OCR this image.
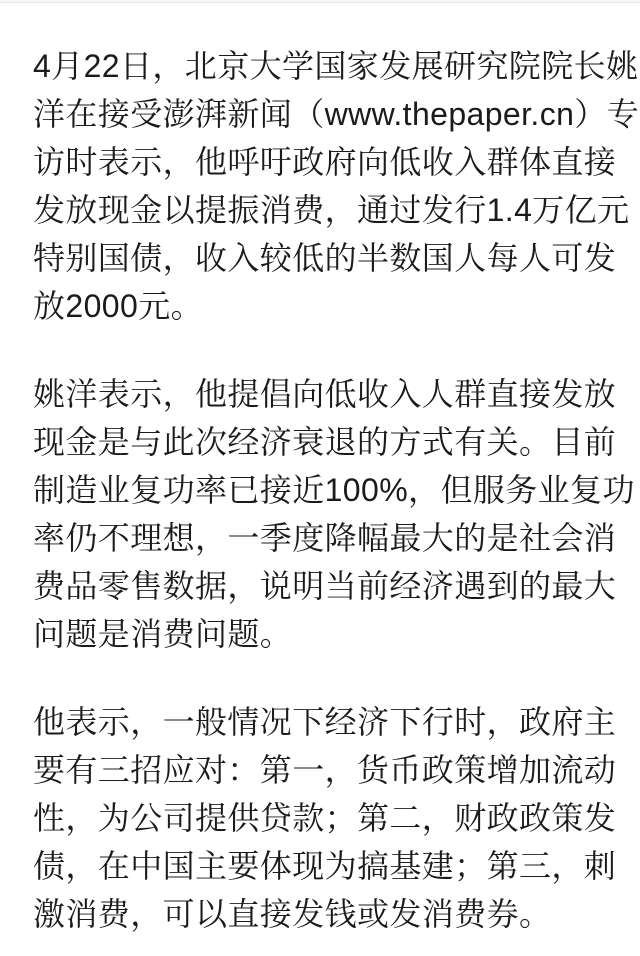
4月22日，北京大学国家发展研究院院长姚
洋在接受澎湃新闻（www.thepaper.cn）专
访时表示，他呼吁政府向低收入群体直接
发放现金以提振消费，通过发行1.4万亿元
特别国债，收入较低的半数国人每人可发
放2000元。

姚洋表示，他提倡向低收入人群直接发放
现金是与此次经济衰退的方式有关。目前
制造业复功率已接近100%，但服务业复功
率仍不理想，一季度降幅最大的是社会消
费品零售数据，说明当前经济遇到的最大
问题是消费问题。

他表示，一般情况下经济下行时，政府主
要有三招应对：第一，货币政策增加流动
性，为公司提供贷款；第二，财政政策发
债，在中国主要体现为搞基建；第三，刺
激消费，可以直接发钱或发消费券。
